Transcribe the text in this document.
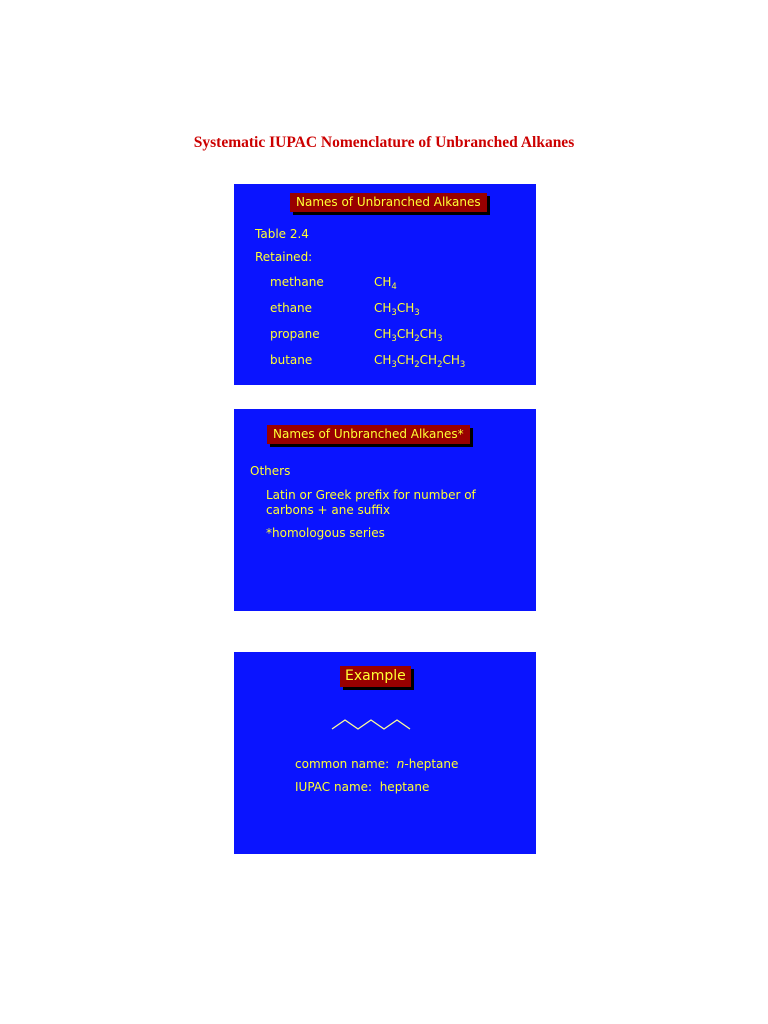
Systematic IUPAC Nomenclature of Unbranched Alkanes
Names of Unbranched Alkanes
Table 2.4
Retained:
methane	$CH_4$
ethane	$CH_3CH_3$
propane	$CH_3CH_2CH_3$
butane	$CH_3CH_2CH_2CH_3$
Names of Unbranched Alkanes*
Others
Latin or Greek prefix for number of
carbons + ane suffix
*homologous series
Example
common name: n-heptane
IUPAC name: heptane
